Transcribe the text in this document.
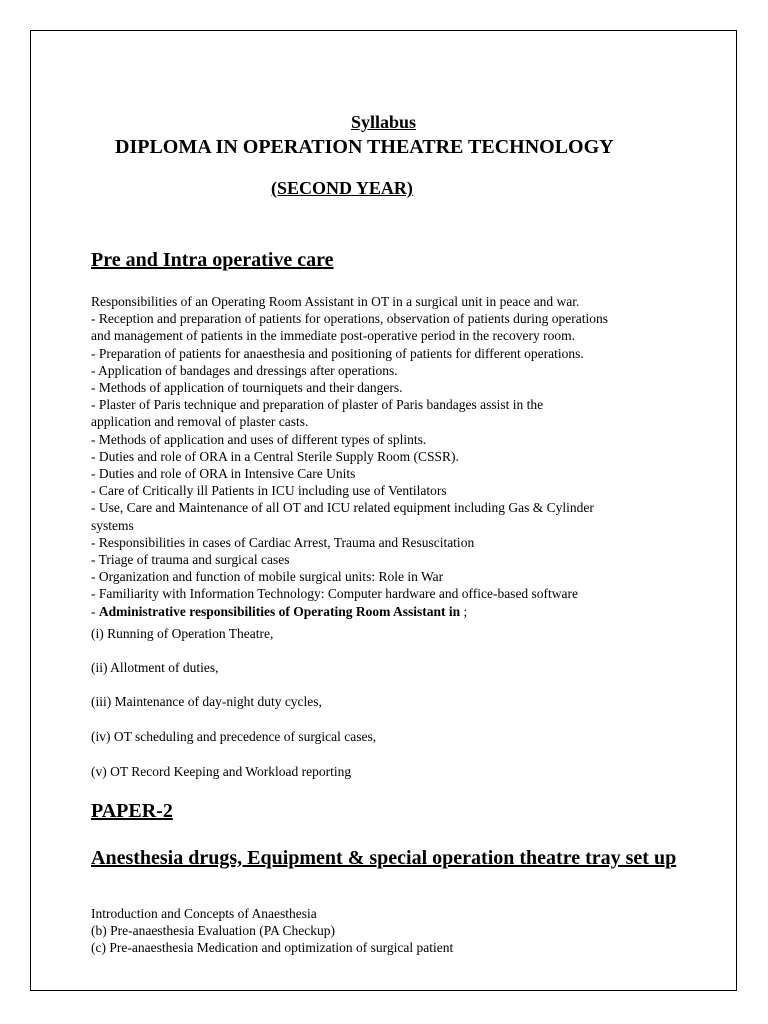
Syllabus
DIPLOMA IN OPERATION THEATRE TECHNOLOGY
(SECOND YEAR)
Pre and Intra operative care
Responsibilities of an Operating Room Assistant in OT in a surgical unit in peace and war.
- Reception and preparation of patients for operations, observation of patients during operations
and management of patients in the immediate post-operative period in the recovery room.
- Preparation of patients for anaesthesia and positioning of patients for different operations.
- Application of bandages and dressings after operations.
- Methods of application of tourniquets and their dangers.
- Plaster of Paris technique and preparation of plaster of Paris bandages assist in the
application and removal of plaster casts.
- Methods of application and uses of different types of splints.
- Duties and role of ORA in a Central Sterile Supply Room (CSSR).
- Duties and role of ORA in Intensive Care Units
- Care of Critically ill Patients in ICU including use of Ventilators
- Use, Care and Maintenance of all OT and ICU related equipment including Gas & Cylinder
systems
- Responsibilities in cases of Cardiac Arrest, Trauma and Resuscitation
- Triage of trauma and surgical cases
- Organization and function of mobile surgical units: Role in War
- Familiarity with Information Technology: Computer hardware and office-based software
- Administrative responsibilities of Operating Room Assistant in ;
(i) Running of Operation Theatre,
(ii) Allotment of duties,
(iii) Maintenance of day-night duty cycles,
(iv) OT scheduling and precedence of surgical cases,
(v) OT Record Keeping and Workload reporting
PAPER-2
Anesthesia drugs, Equipment & special operation theatre tray set up
Introduction and Concepts of Anaesthesia
(b) Pre-anaesthesia Evaluation (PA Checkup)
(c) Pre-anaesthesia Medication and optimization of surgical patient
